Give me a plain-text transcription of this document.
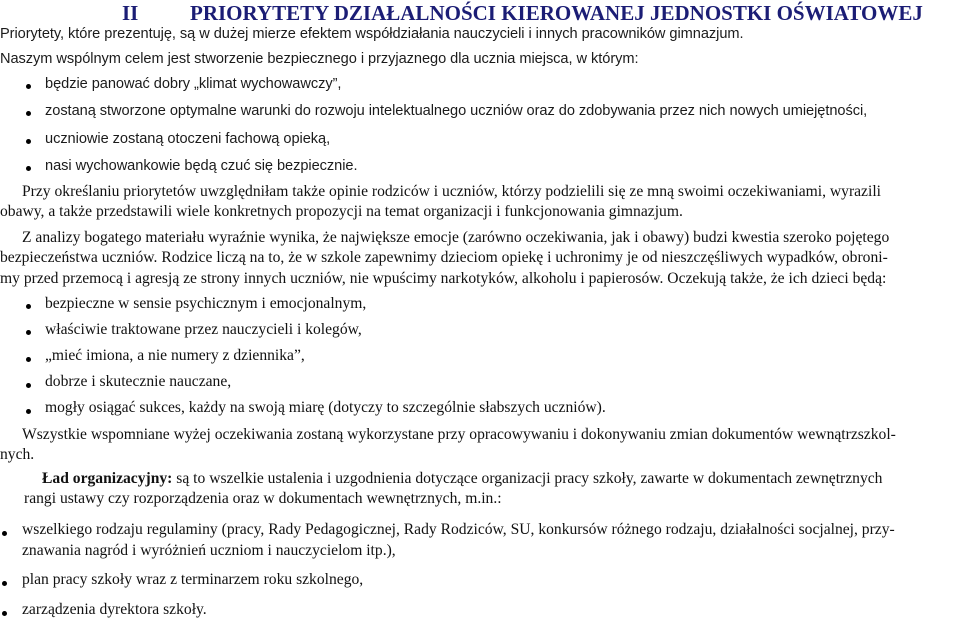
II PRIORYTETY DZIAŁALNOŚCI KIEROWANEJ JEDNOSTKI OŚWIATOWEJ
Priorytety, które prezentuję, są w dużej mierze efektem współdziałania nauczycieli i innych pracowników gimnazjum.
Naszym wspólnym celem jest stworzenie bezpiecznego i przyjaznego dla ucznia miejsca, w którym:
będzie panować dobry „klimat wychowawczy”,
zostaną stworzone optymalne warunki do rozwoju intelektualnego uczniów oraz do zdobywania przez nich nowych umiejętności,
uczniowie zostaną otoczeni fachową opieką,
nasi wychowankowie będą czuć się bezpiecznie.
Przy określaniu priorytetów uwzględniłam także opinie rodziców i uczniów, którzy podzielili się ze mną swoimi oczekiwaniami, wyrazili
obawy, a także przedstawili wiele konkretnych propozycji na temat organizacji i funkcjonowania gimnazjum.
Z analizy bogatego materiału wyraźnie wynika, że największe emocje (zarówno oczekiwania, jak i obawy) budzi kwestia szeroko pojętego
bezpieczeństwa uczniów. Rodzice liczą na to, że w szkole zapewnimy dzieciom opiekę i uchronimy je od nieszczęśliwych wypadków, obroni-
my przed przemocą i agresją ze strony innych uczniów, nie wpuścimy narkotyków, alkoholu i papierosów. Oczekują także, że ich dzieci będą:
bezpieczne w sensie psychicznym i emocjonalnym,
właściwie traktowane przez nauczycieli i kolegów,
„mieć imiona, a nie numery z dziennika”,
dobrze i skutecznie nauczane,
mogły osiągać sukces, każdy na swoją miarę (dotyczy to szczególnie słabszych uczniów).
Wszystkie wspomniane wyżej oczekiwania zostaną wykorzystane przy opracowywaniu i dokonywaniu zmian dokumentów wewnątrzszkol-
nych.
Ład organizacyjny: są to wszelkie ustalenia i uzgodnienia dotyczące organizacji pracy szkoły, zawarte w dokumentach zewnętrznych
rangi ustawy czy rozporządzenia oraz w dokumentach wewnętrznych, m.in.:
wszelkiego rodzaju regulaminy (pracy, Rady Pedagogicznej, Rady Rodziców, SU, konkursów różnego rodzaju, działalności socjalnej, przy-
znawania nagród i wyróżnień uczniom i nauczycielom itp.),
plan pracy szkoły wraz z terminarzem roku szkolnego,
zarządzenia dyrektora szkoły.
